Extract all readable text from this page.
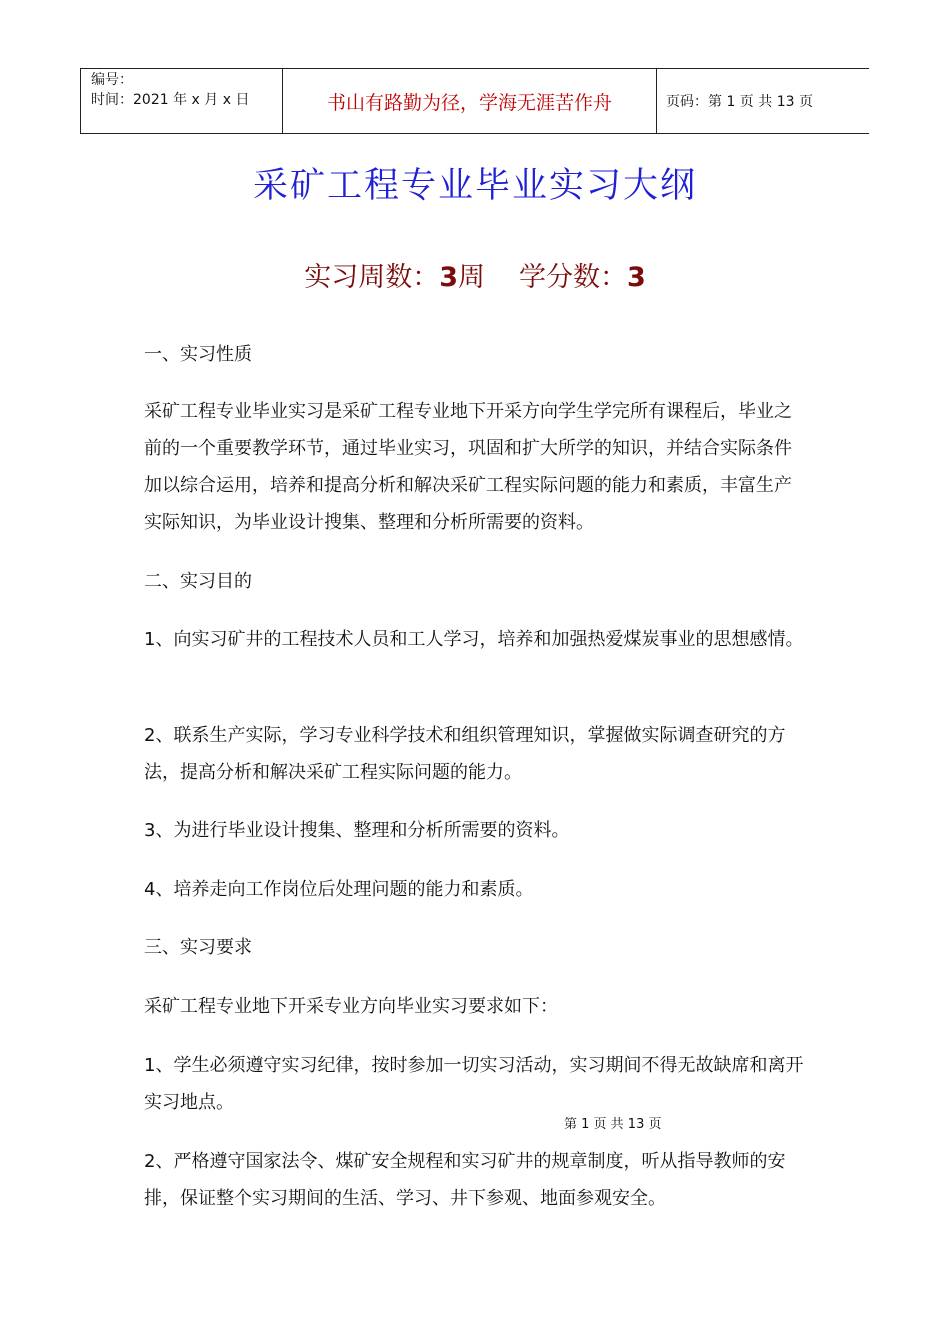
编号：
时间：2021 年 x 月 x 日	书山有路勤为径，学海无涯苦作舟	页码：第 1 页 共 13 页
采矿工程专业毕业实习大纲
实习周数：3周 学分数：3
一、实习性质
采矿工程专业毕业实习是采矿工程专业地下开采方向学生学完所有课程后，毕业之前的一个重要教学环节，通过毕业实习，巩固和扩大所学的知识，并结合实际条件加以综合运用，培养和提高分析和解决采矿工程实际问题的能力和素质，丰富生产实际知识，为毕业设计搜集、整理和分析所需要的资料。
二、实习目的
1、向实习矿井的工程技术人员和工人学习，培养和加强热爱煤炭事业的思想感情。
2、联系生产实际，学习专业科学技术和组织管理知识，掌握做实际调查研究的方法，提高分析和解决采矿工程实际问题的能力。
3、为进行毕业设计搜集、整理和分析所需要的资料。
4、培养走向工作岗位后处理问题的能力和素质。
三、实习要求
采矿工程专业地下开采专业方向毕业实习要求如下：
1、学生必须遵守实习纪律，按时参加一切实习活动，实习期间不得无故缺席和离开实习地点。
第 1 页 共 13 页
2、严格遵守国家法令、煤矿安全规程和实习矿井的规章制度，听从指导教师的安排，保证整个实习期间的生活、学习、井下参观、地面参观安全。
